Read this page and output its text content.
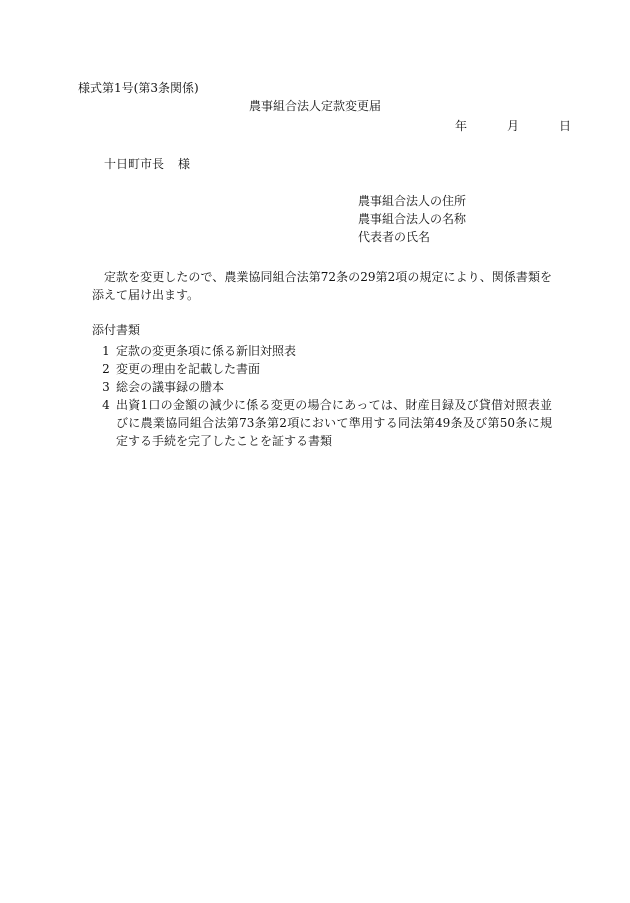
様式第1号(第3条関係)
農事組合法人定款変更届
年	月	日
十日町市長 様
農事組合法人の住所
農事組合法人の名称
代表者の氏名
定款を変更したので、農業協同組合法第72条の29第2項の規定により、関係書類を添えて届け出ます。
添付書類
1 定款の変更条項に係る新旧対照表
2 変更の理由を記載した書面
3 総会の議事録の謄本
4 出資1口の金額の減少に係る変更の場合にあっては、財産目録及び貸借対照表並びに農業協同組合法第73条第2項において準用する同法第49条及び第50条に規定する手続を完了したことを証する書類
